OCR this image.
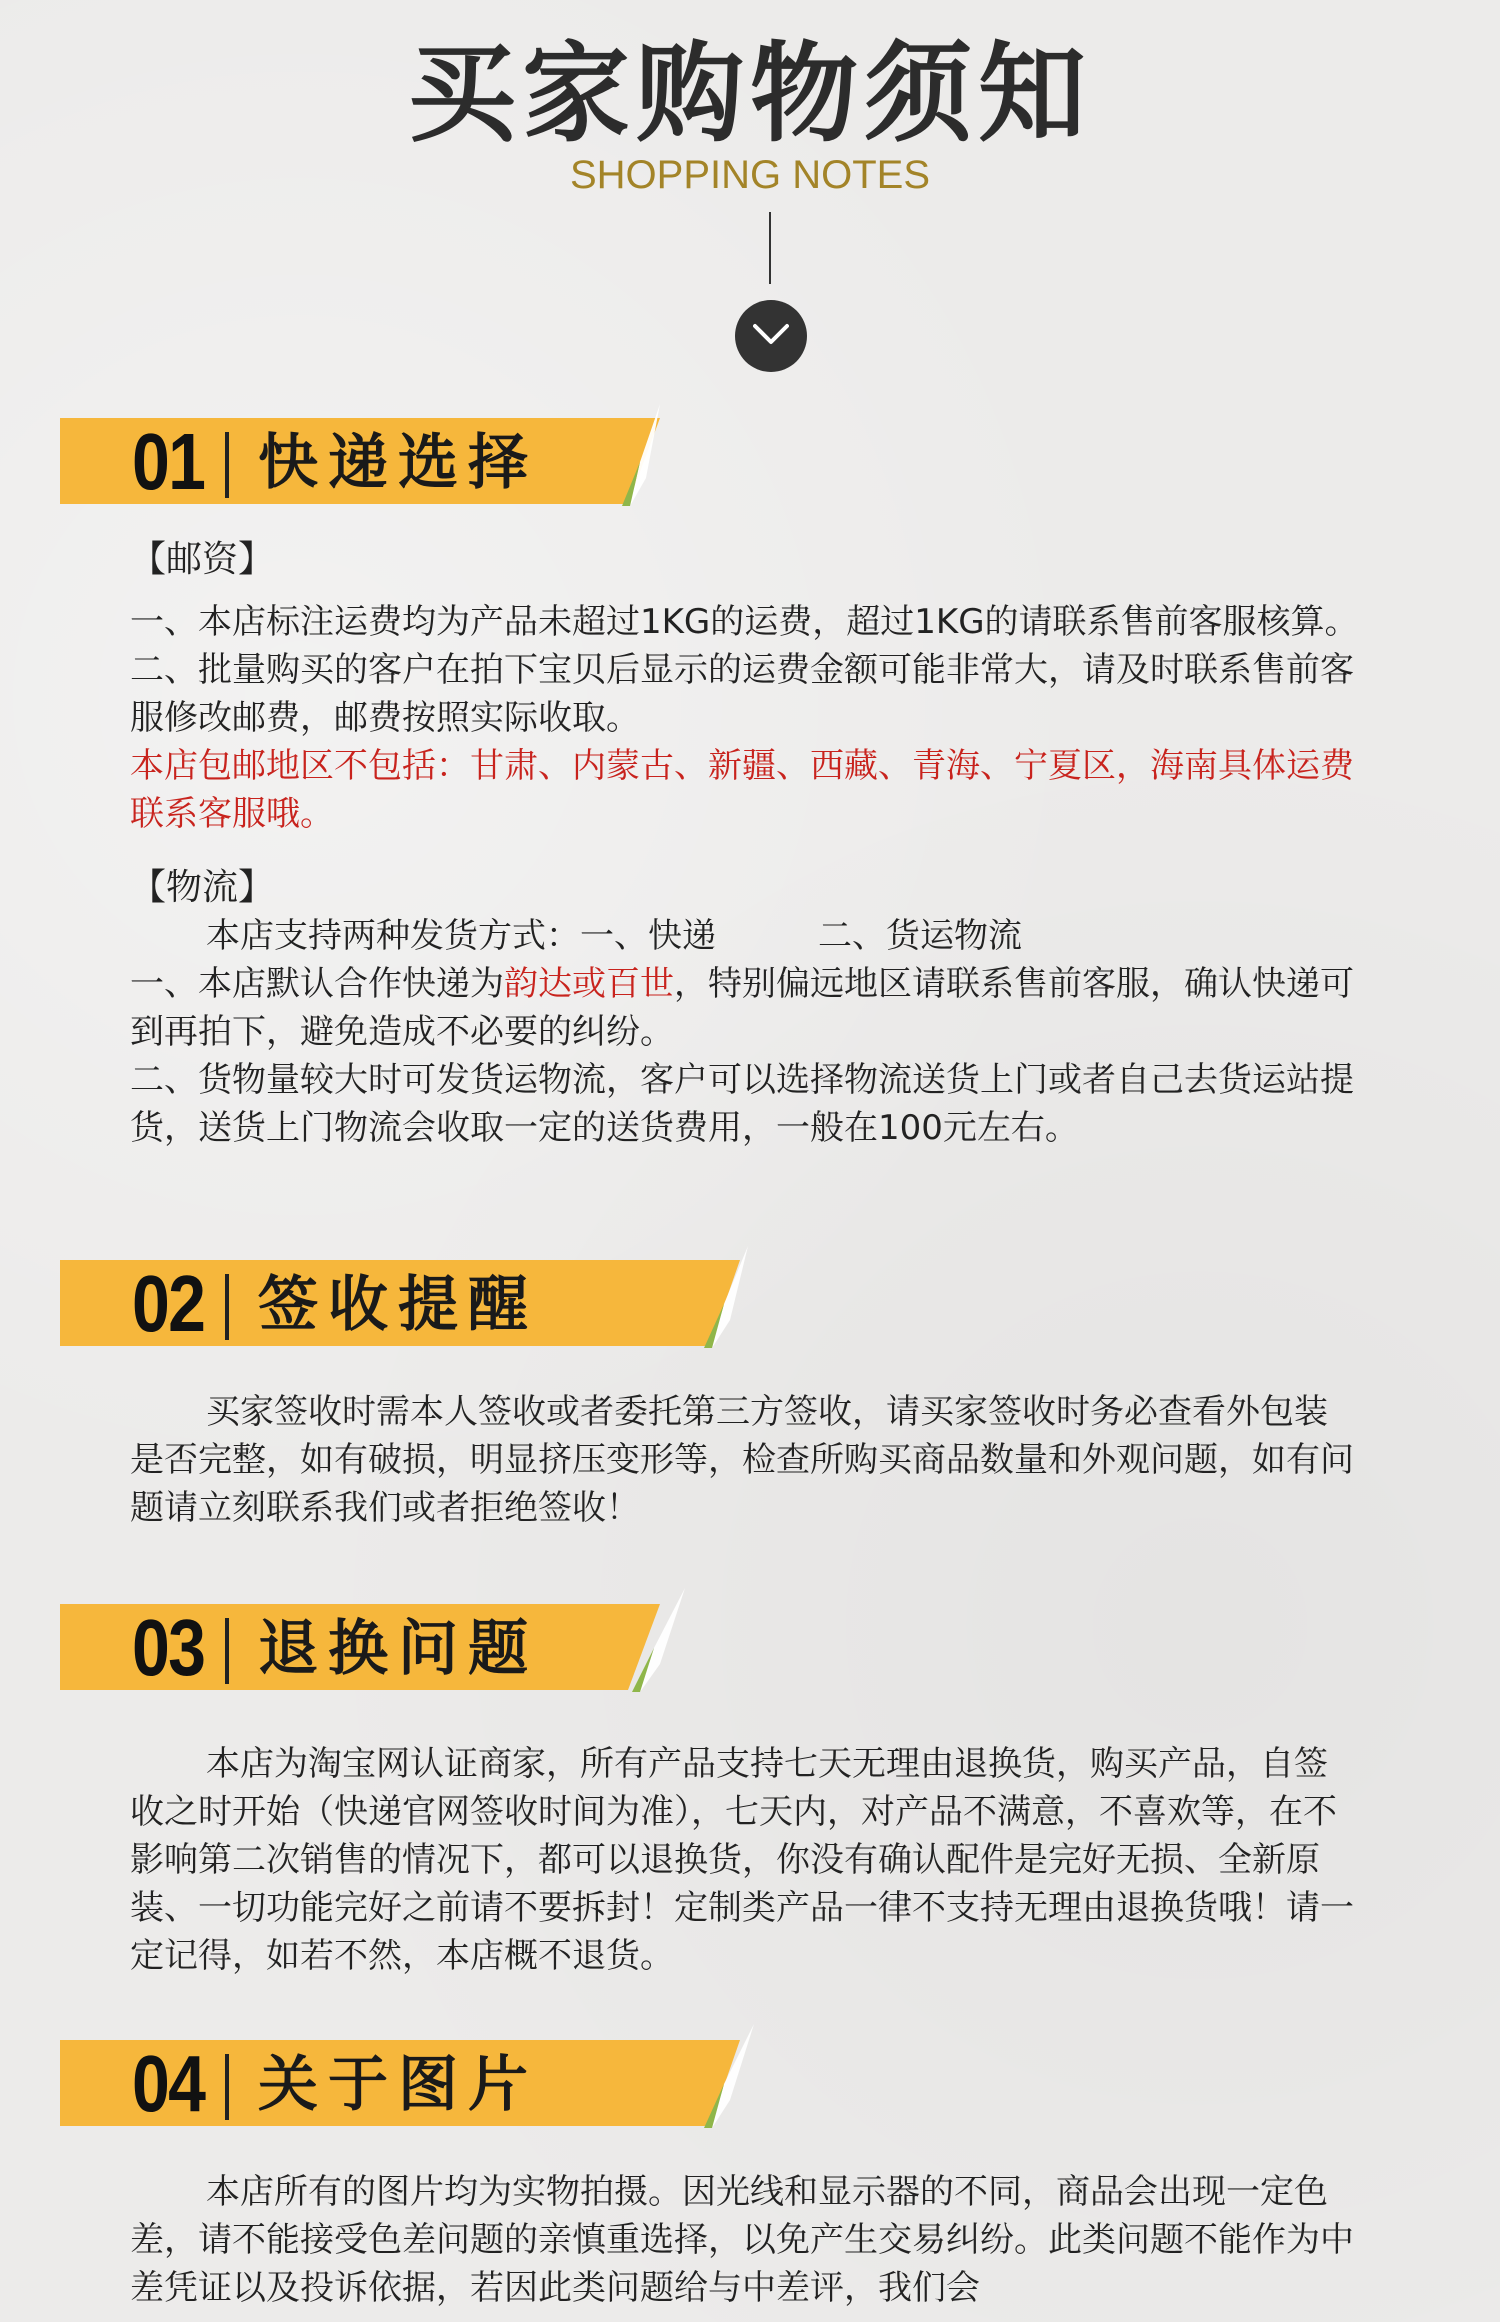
买家购物须知
SHOPPING NOTES
01 快递选择

【邮资】

一、本店标注运费均为产品未超过1KG的运费，超过1KG的请联系售前客服核算。

二、批量购买的客户在拍下宝贝后显示的运费金额可能非常大，请及时联系售前客服修改邮费，邮费按照实际收取。

本店包邮地区不包括：甘肃、内蒙古、新疆、西藏、青海、宁夏区，海南具体运费联系客服哦。

【物流】

本店支持两种发货方式：一、快递　　　二、货运物流

一、本店默认合作快递为韵达或百世，特别偏远地区请联系售前客服，确认快递可到再拍下，避免造成不必要的纠纷。

二、货物量较大时可发货运物流，客户可以选择物流送货上门或者自己去货运站提货，送货上门物流会收取一定的送货费用，一般在100元左右。

02 签收提醒

买家签收时需本人签收或者委托第三方签收，请买家签收时务必查看外包装是否完整，如有破损，明显挤压变形等，检查所购买商品数量和外观问题，如有问题请立刻联系我们或者拒绝签收！

03 退换问题

本店为淘宝网认证商家，所有产品支持七天无理由退换货，购买产品，自签收之时开始（快递官网签收时间为准），七天内，对产品不满意，不喜欢等，在不影响第二次销售的情况下，都可以退换货，你没有确认配件是完好无损、全新原装、一切功能完好之前请不要拆封！定制类产品一律不支持无理由退换货哦！请一定记得，如若不然，本店概不退货。

04 关于图片

本店所有的图片均为实物拍摄。因光线和显示器的不同，商品会出现一定色差，请不能接受色差问题的亲慎重选择，以免产生交易纠纷。此类问题不能作为中差凭证以及投诉依据，若因此类问题给与中差评，我们会
